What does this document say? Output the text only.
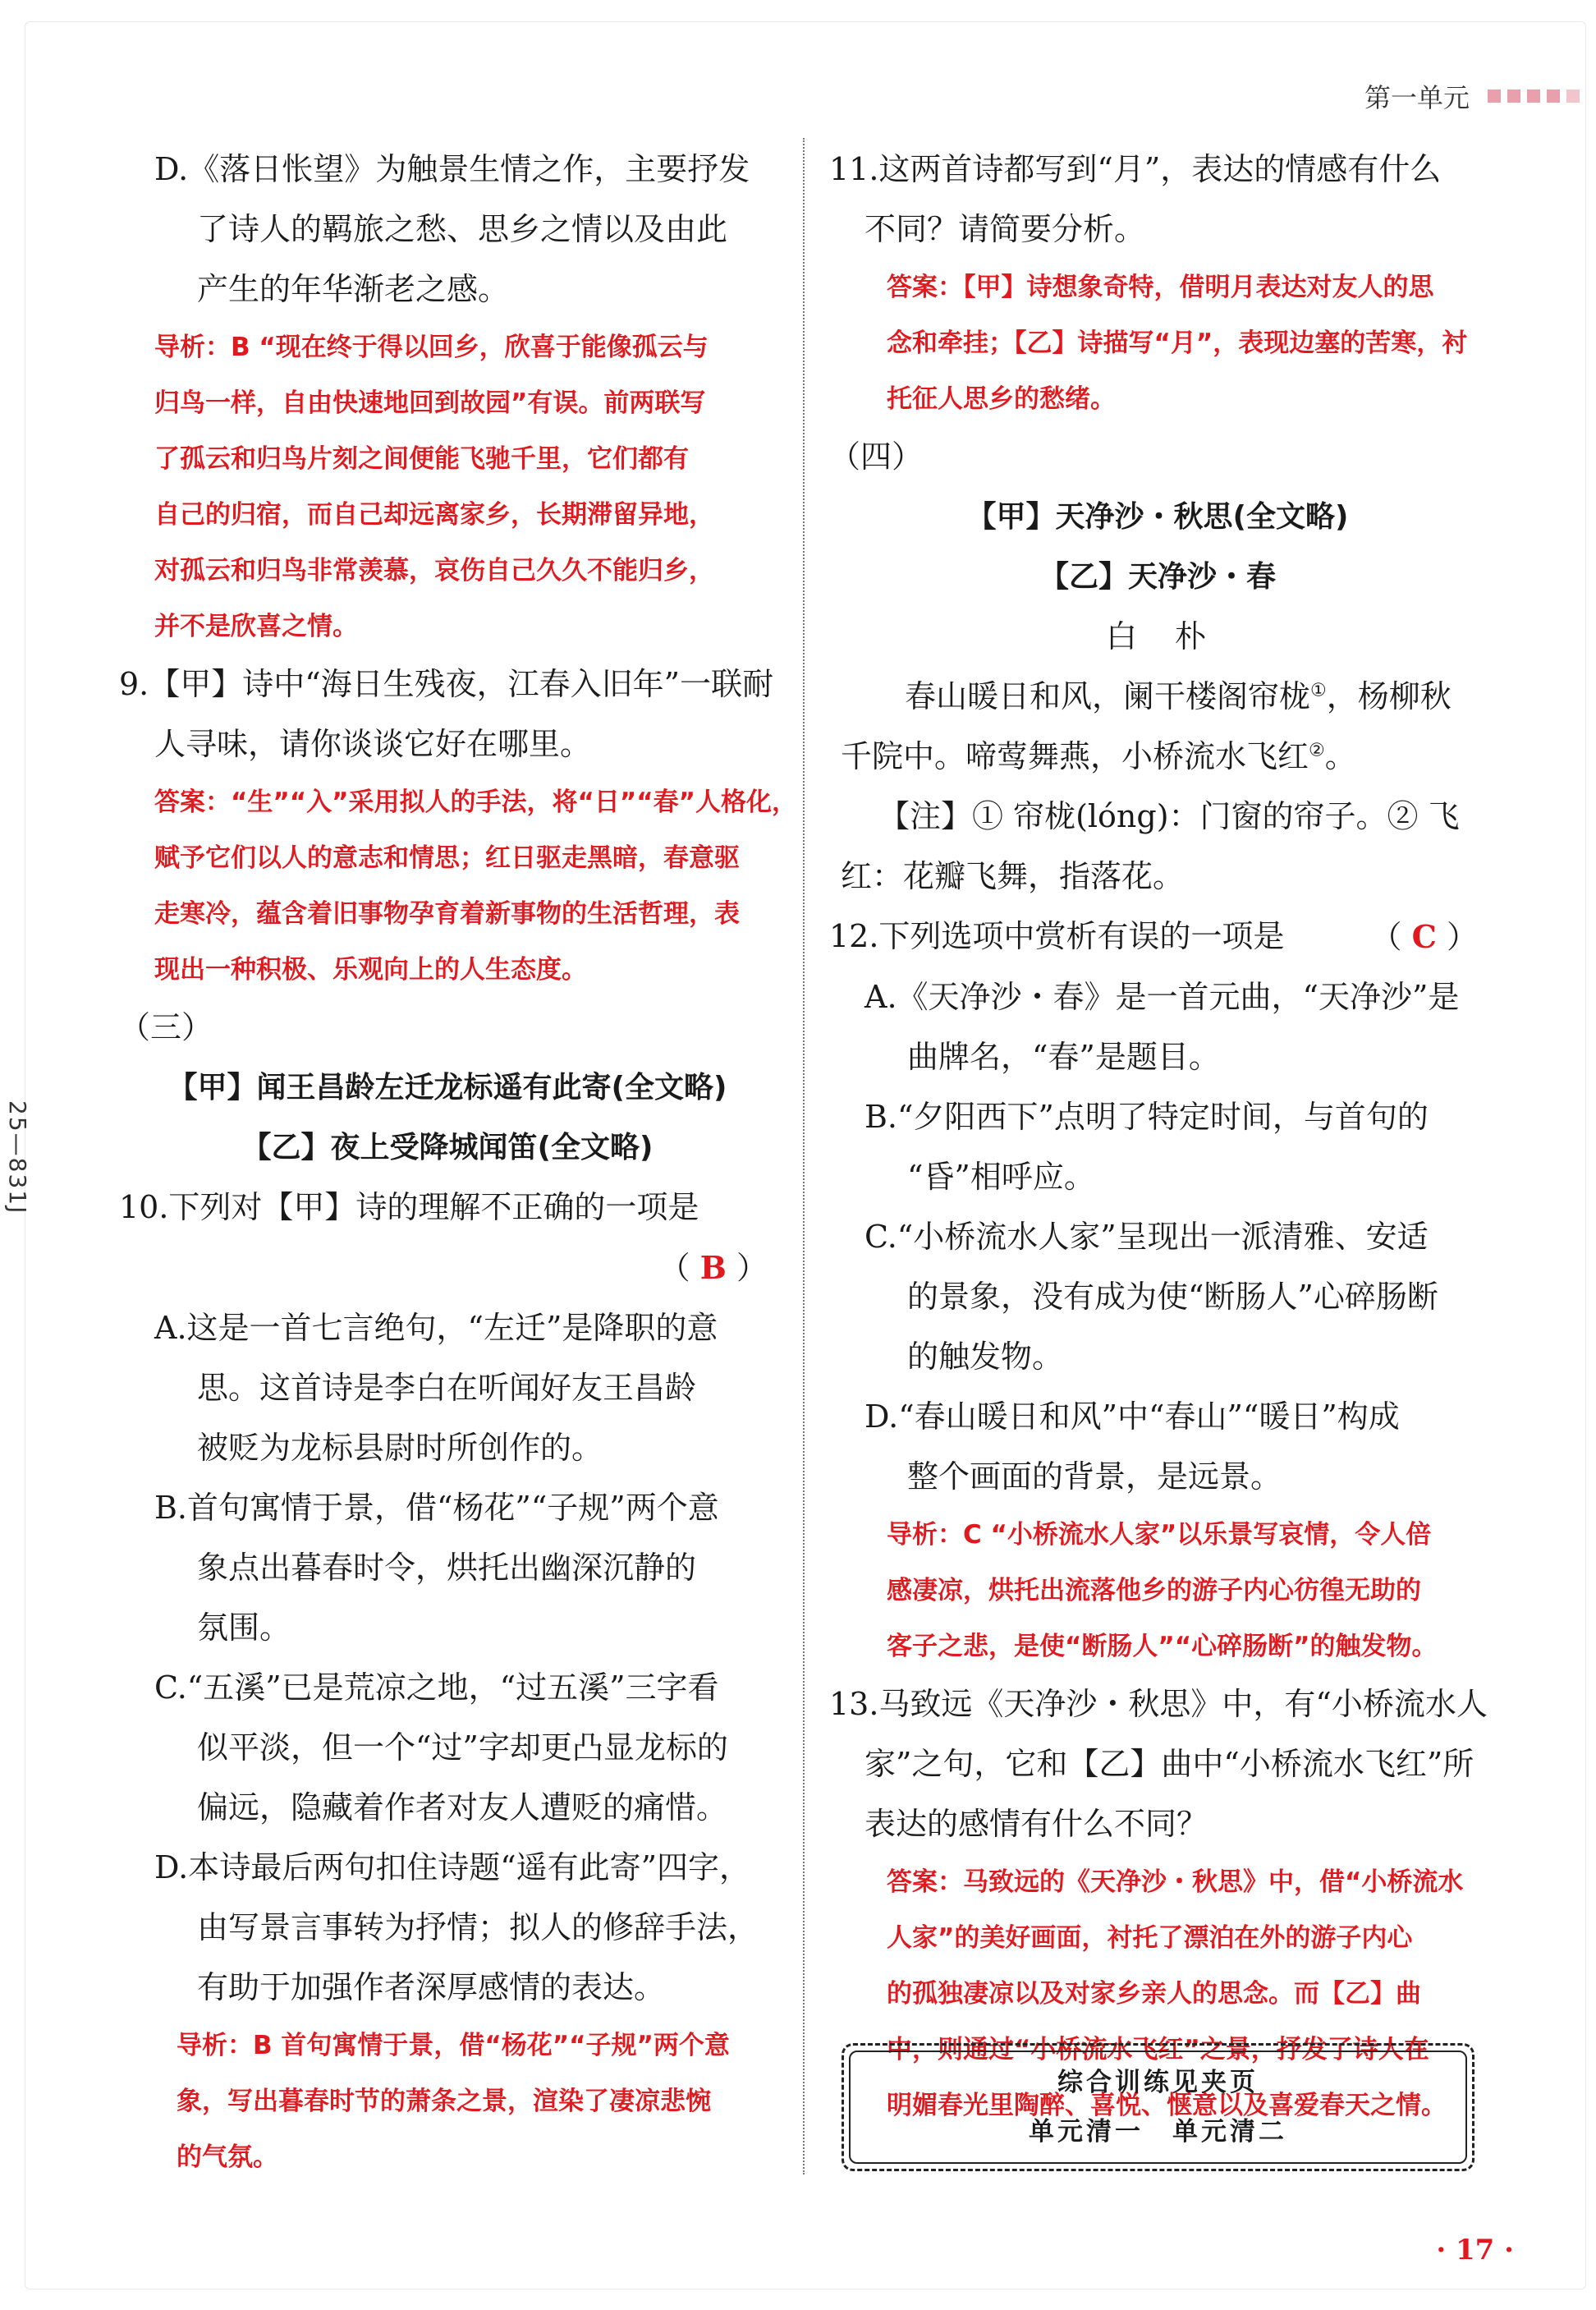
第一单元
25—831J
D.《落日怅望》为触景生情之作，主要抒发
了诗人的羁旅之愁、思乡之情以及由此
产生的年华渐老之感。
导析：B “现在终于得以回乡，欣喜于能像孤云与
归鸟一样，自由快速地回到故园”有误。前两联写
了孤云和归鸟片刻之间便能飞驰千里，它们都有
自己的归宿，而自己却远离家乡，长期滞留异地，
对孤云和归鸟非常羡慕，哀伤自己久久不能归乡，
并不是欣喜之情。
9.【甲】诗中“海日生残夜，江春入旧年”一联耐
人寻味，请你谈谈它好在哪里。
答案：“生”“入”采用拟人的手法，将“日”“春”人格化，
赋予它们以人的意志和情思；红日驱走黑暗，春意驱
走寒冷，蕴含着旧事物孕育着新事物的生活哲理，表
现出一种积极、乐观向上的人生态度。
（三）
【甲】闻王昌龄左迁龙标遥有此寄(全文略)
【乙】夜上受降城闻笛(全文略)
10.下列对【甲】诗的理解不正确的一项是
（ B ）
A.这是一首七言绝句，“左迁”是降职的意
思。这首诗是李白在听闻好友王昌龄
被贬为龙标县尉时所创作的。
B.首句寓情于景，借“杨花”“子规”两个意
象点出暮春时令，烘托出幽深沉静的
氛围。
C.“五溪”已是荒凉之地，“过五溪”三字看
似平淡，但一个“过”字却更凸显龙标的
偏远，隐藏着作者对友人遭贬的痛惜。
D.本诗最后两句扣住诗题“遥有此寄”四字，
由写景言事转为抒情；拟人的修辞手法，
有助于加强作者深厚感情的表达。
导析：B 首句寓情于景，借“杨花”“子规”两个意
象，写出暮春时节的萧条之景，渲染了凄凉悲惋
的气氛。
11.这两首诗都写到“月”，表达的情感有什么
不同？请简要分析。
答案：【甲】诗想象奇特，借明月表达对友人的思
念和牵挂；【乙】诗描写“月”，表现边塞的苦寒，衬
托征人思乡的愁绪。
（四）
【甲】天净沙・秋思(全文略)
【乙】天净沙・春
白　朴
春山暖日和风，阑干楼阁帘栊①，杨柳秋
千院中。啼莺舞燕，小桥流水飞红②。
【注】① 帘栊(lóng)：门窗的帘子。② 飞
红：花瓣飞舞，指落花。
12.下列选项中赏析有误的一项是	（ C ）
A.《天净沙・春》是一首元曲，“天净沙”是
曲牌名，“春”是题目。
B.“夕阳西下”点明了特定时间，与首句的
“昏”相呼应。
C.“小桥流水人家”呈现出一派清雅、安适
的景象，没有成为使“断肠人”心碎肠断
的触发物。
D.“春山暖日和风”中“春山”“暖日”构成
整个画面的背景，是远景。
导析：C “小桥流水人家”以乐景写哀情，令人倍
感凄凉，烘托出流落他乡的游子内心彷徨无助的
客子之悲，是使“断肠人”“心碎肠断”的触发物。
13.马致远《天净沙・秋思》中，有“小桥流水人
家”之句，它和【乙】曲中“小桥流水飞红”所
表达的感情有什么不同？
答案：马致远的《天净沙・秋思》中，借“小桥流水
人家”的美好画面，衬托了漂泊在外的游子内心
的孤独凄凉以及对家乡亲人的思念。而【乙】曲
中，则通过“小桥流水飞红”之景，抒发了诗人在
明媚春光里陶醉、喜悦、惬意以及喜爱春天之情。
综合训练见夹页
单元清一　单元清二
· 17 ·
